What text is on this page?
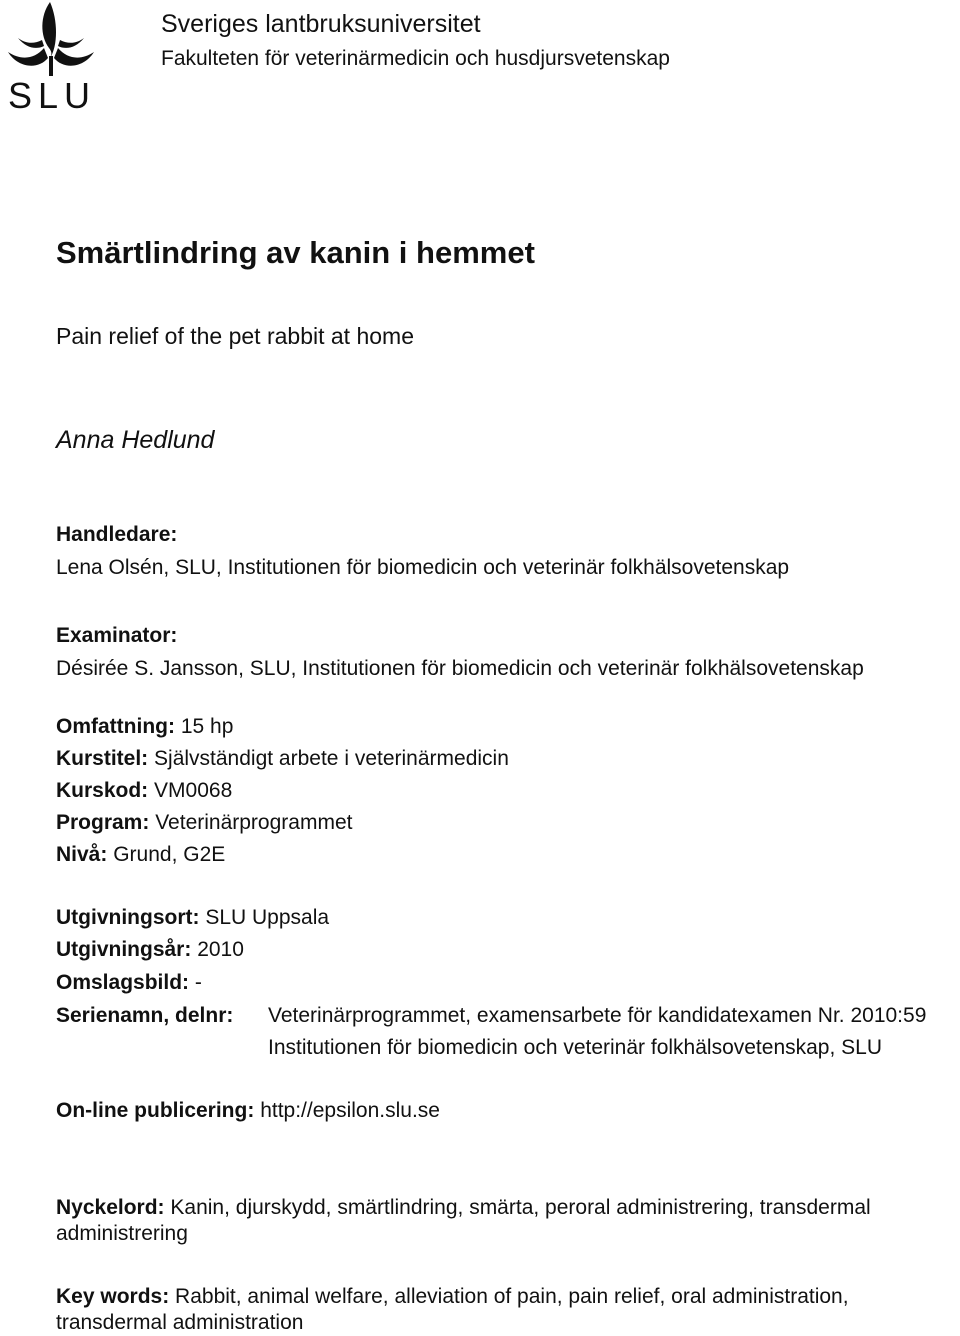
SLU
Sveriges lantbruksuniversitet
Fakulteten för veterinärmedicin och husdjursvetenskap
Smärtlindring av kanin i hemmet
Pain relief of the pet rabbit at home
Anna Hedlund
Handledare:
Lena Olsén, SLU, Institutionen för biomedicin och veterinär folkhälsovetenskap
Examinator:
Désirée S. Jansson, SLU, Institutionen för biomedicin och veterinär folkhälsovetenskap
Omfattning: 15 hp
Kurstitel: Självständigt arbete i veterinärmedicin
Kurskod: VM0068
Program: Veterinärprogrammet
Nivå: Grund, G2E
Utgivningsort: SLU Uppsala
Utgivningsår: 2010
Omslagsbild: -
Serienamn, delnr: Veterinärprogrammet, examensarbete för kandidatexamen Nr. 2010:59
Institutionen för biomedicin och veterinär folkhälsovetenskap, SLU
On-line publicering: http://epsilon.slu.se
Nyckelord: Kanin, djurskydd, smärtlindring, smärta, peroral administrering, transdermal administrering
Key words: Rabbit, animal welfare, alleviation of pain, pain relief, oral administration, transdermal administration
